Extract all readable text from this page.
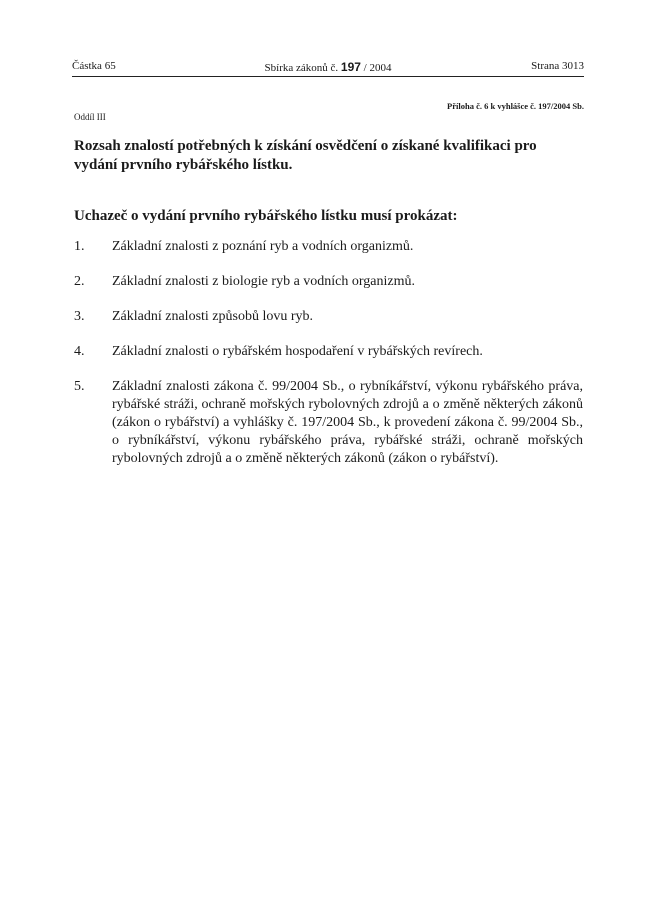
Částka 65	Sbírka zákonů č. 197 / 2004	Strana 3013
Příloha č. 6 k vyhlášce č. 197/2004 Sb.
Oddíl III
Rozsah znalostí potřebných k získání osvědčení o získané kvalifikaci pro vydání prvního rybářského lístku.
Uchazeč o vydání prvního rybářského lístku musí prokázat:
1. Základní znalosti z poznání ryb a vodních organizmů.
2. Základní znalosti z biologie ryb a vodních organizmů.
3. Základní znalosti způsobů lovu ryb.
4. Základní znalosti o rybářském hospodaření v rybářských revírech.
5. Základní znalosti zákona č. 99/2004 Sb., o rybníkářství, výkonu rybářského práva, rybářské stráži, ochraně mořských rybolovných zdrojů a o změně některých zákonů (zákon o rybářství) a vyhlášky č. 197/2004 Sb., k provedení zákona č. 99/2004 Sb., o rybníkářství, výkonu rybářského práva, rybářské stráži, ochraně mořských rybolovných zdrojů a o změně některých zákonů (zákon o rybářství).
